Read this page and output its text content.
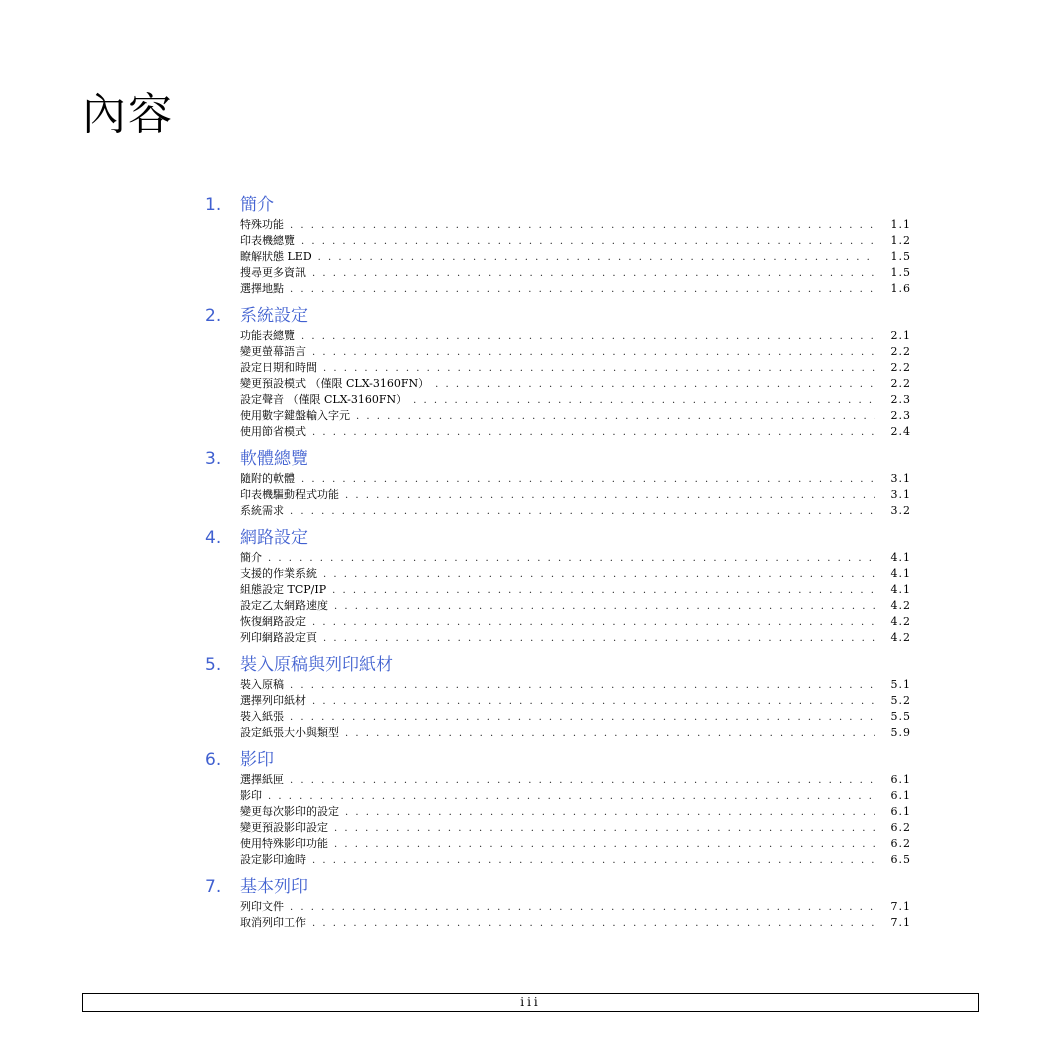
內容
1.	簡介
特殊功能 . . .	1.1
印表機總覽 . . .	1.2
瞭解狀態 LED . . .	1.5
搜尋更多資訊 . . .	1.5
選擇地點 . . .	1.6
2.	系統設定
功能表總覽 . . .	2.1
變更螢幕語言 . . .	2.2
設定日期和時間 . . .	2.2
變更預設模式 （僅限 CLX-3160FN） . . .	2.2
設定聲音 （僅限 CLX-3160FN） . . .	2.3
使用數字鍵盤輸入字元 . . .	2.3
使用節省模式 . . .	2.4
3.	軟體總覽
隨附的軟體 . . .	3.1
印表機驅動程式功能 . . .	3.1
系統需求 . . .	3.2
4.	網路設定
簡介 . . .	4.1
支援的作業系統 . . .	4.1
組態設定 TCP/IP . . .	4.1
設定乙太網路速度 . . .	4.2
恢復網路設定 . . .	4.2
列印網路設定頁 . . .	4.2
5.	裝入原稿與列印紙材
裝入原稿 . . .	5.1
選擇列印紙材 . . .	5.2
裝入紙張 . . .	5.5
設定紙張大小與類型 . . .	5.9
6.	影印
選擇紙匣 . . .	6.1
影印 . . .	6.1
變更每次影印的設定 . . .	6.1
變更預設影印設定 . . .	6.2
使用特殊影印功能 . . .	6.2
設定影印逾時 . . .	6.5
7.	基本列印
列印文件 . . .	7.1
取消列印工作 . . .	7.1
iii
